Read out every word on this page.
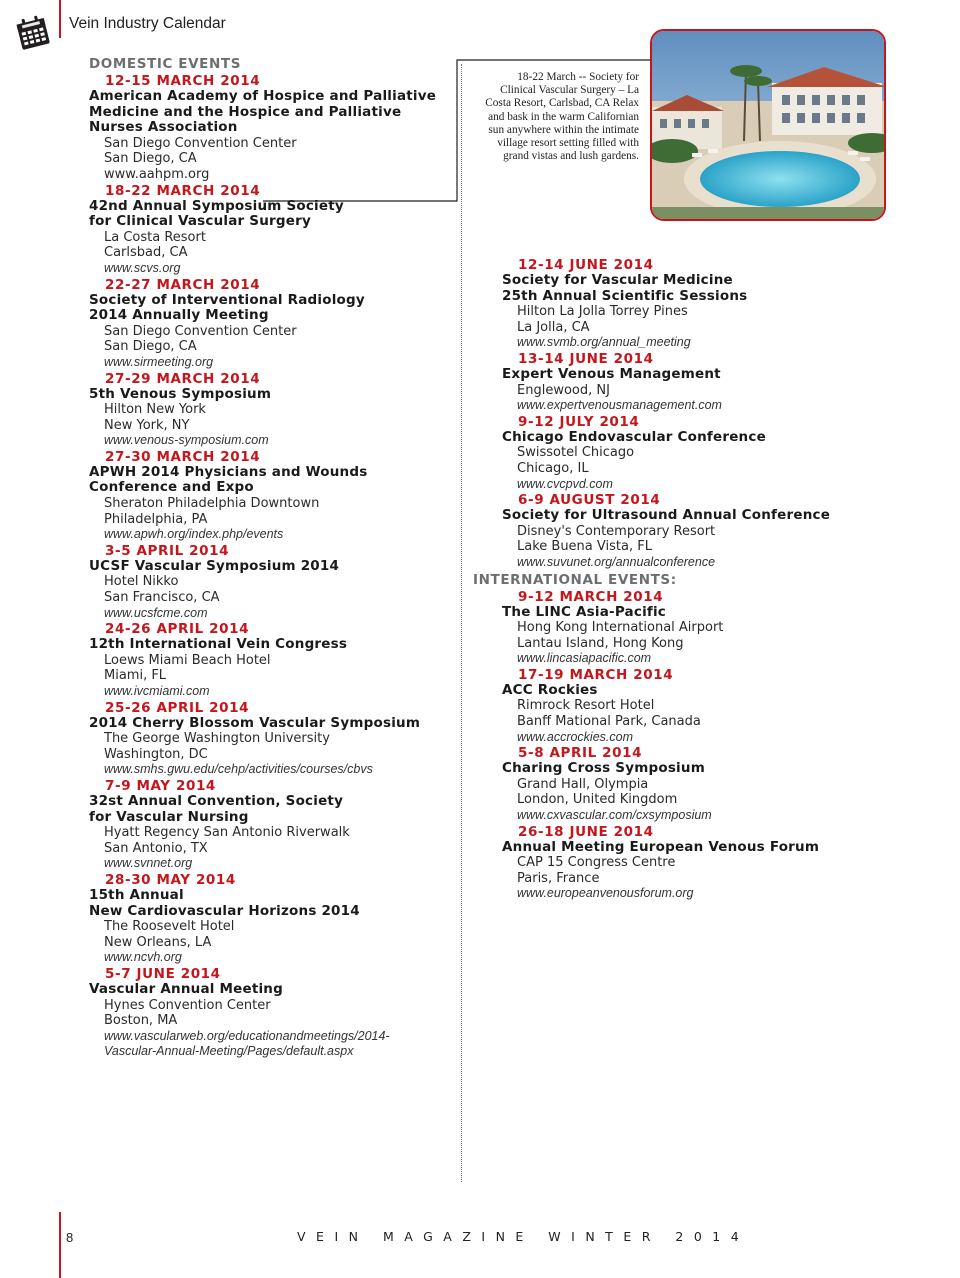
Vein Industry Calendar
DOMESTIC EVENTS
12-15 MARCH 2014
American Academy of Hospice and Palliative
Medicine and the Hospice and Palliative
Nurses Association
San Diego Convention Center
San Diego, CA
www.aahpm.org
18-22 MARCH 2014
42nd Annual Symposium Society
for Clinical Vascular Surgery
La Costa Resort
Carlsbad, CA
www.scvs.org
22-27 MARCH 2014
Society of Interventional Radiology
2014 Annually Meeting
San Diego Convention Center
San Diego, CA
www.sirmeeting.org
27-29 MARCH 2014
5th Venous Symposium
Hilton New York
New York, NY
www.venous-symposium.com
27-30 MARCH 2014
APWH 2014 Physicians and Wounds
Conference and Expo
Sheraton Philadelphia Downtown
Philadelphia, PA
www.apwh.org/index.php/events
3-5 APRIL 2014
UCSF Vascular Symposium 2014
Hotel Nikko
San Francisco, CA
www.ucsfcme.com
24-26 APRIL 2014
12th International Vein Congress
Loews Miami Beach Hotel
Miami, FL
www.ivcmiami.com
25-26 APRIL 2014
2014 Cherry Blossom Vascular Symposium
The George Washington University
Washington, DC
www.smhs.gwu.edu/cehp/activities/courses/cbvs
7-9 MAY 2014
32st Annual Convention, Society
for Vascular Nursing
Hyatt Regency San Antonio Riverwalk
San Antonio, TX
www.svnnet.org
28-30 MAY 2014
15th Annual
New Cardiovascular Horizons 2014
The Roosevelt Hotel
New Orleans, LA
www.ncvh.org
5-7 JUNE 2014
Vascular Annual Meeting
Hynes Convention Center
Boston, MA
www.vascularweb.org/educationandmeetings/2014-
Vascular-Annual-Meeting/Pages/default.aspx
18-22 March -- Society for Clinical Vascular Surgery – La Costa Resort, Carlsbad, CA Relax and bask in the warm Californian sun anywhere within the intimate village resort setting filled with grand vistas and lush gardens.
12-14 JUNE 2014
Society for Vascular Medicine
25th Annual Scientific Sessions
Hilton La Jolla Torrey Pines
La Jolla, CA
www.svmb.org/annual_meeting
13-14 JUNE 2014
Expert Venous Management
Englewood, NJ
www.expertvenousmanagement.com
9-12 JULY 2014
Chicago Endovascular Conference
Swissotel Chicago
Chicago, IL
www.cvcpvd.com
6-9 AUGUST 2014
Society for Ultrasound Annual Conference
Disney's Contemporary Resort
Lake Buena Vista, FL
www.suvunet.org/annualconference
INTERNATIONAL EVENTS:
9-12 MARCH 2014
The LINC Asia-Pacific
Hong Kong International Airport
Lantau Island, Hong Kong
www.lincasiapacific.com
17-19 MARCH 2014
ACC Rockies
Rimrock Resort Hotel
Banff Mational Park, Canada
www.accrockies.com
5-8 APRIL 2014
Charing Cross Symposium
Grand Hall, Olympia
London, United Kingdom
www.cxvascular.com/cxsymposium
26-18 JUNE 2014
Annual Meeting European Venous Forum
CAP 15 Congress Centre
Paris, France
www.europeanvenousforum.org
8	VEIN MAGAZINE WINTER 2014
